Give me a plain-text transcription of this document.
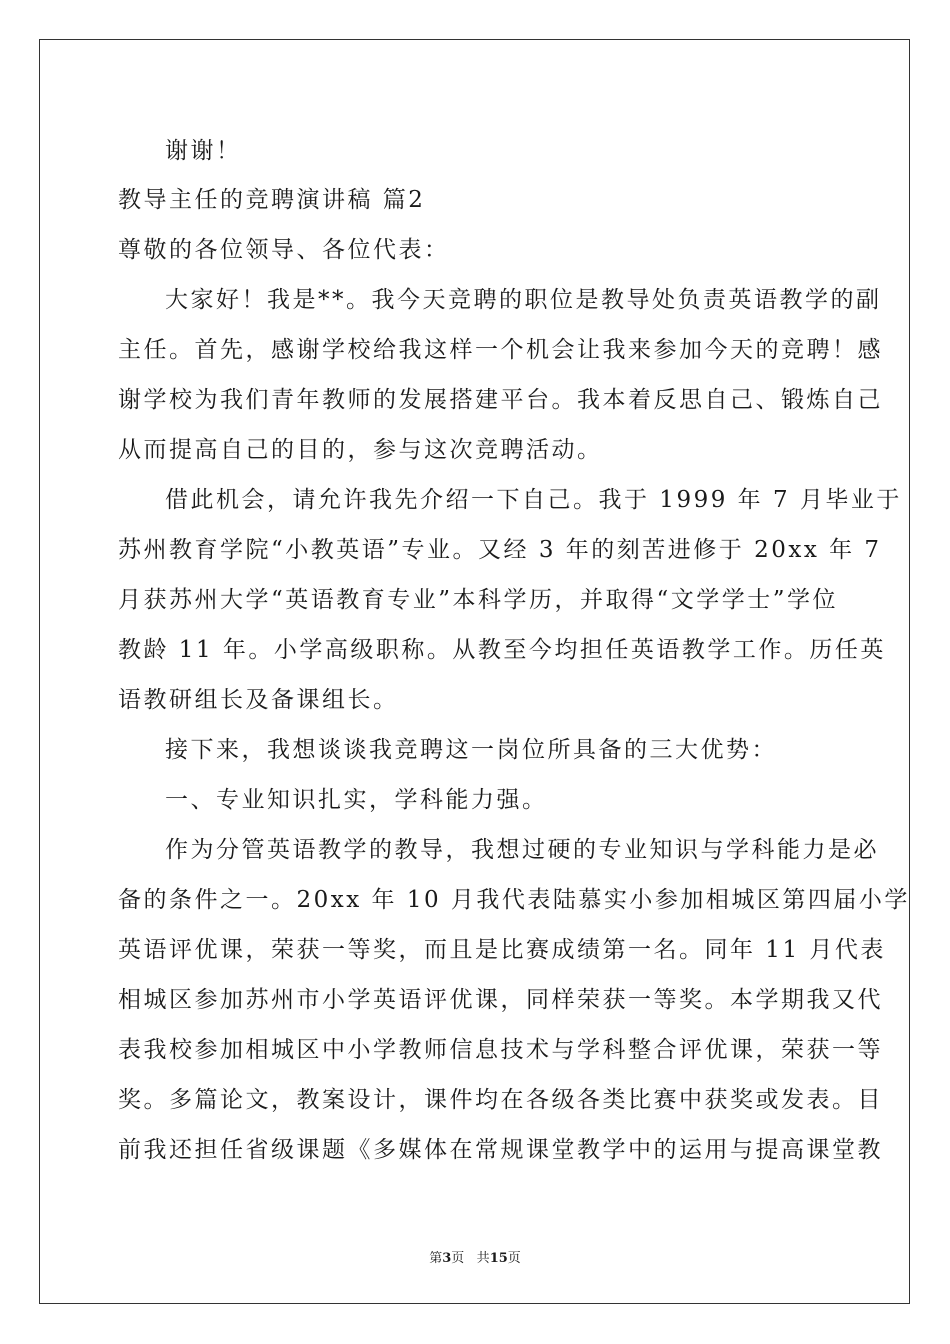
谢谢！
教导主任的竞聘演讲稿 篇2
尊敬的各位领导、各位代表：
大家好！我是**。我今天竞聘的职位是教导处负责英语教学的副
主任。首先，感谢学校给我这样一个机会让我来参加今天的竞聘！感
谢学校为我们青年教师的发展搭建平台。我本着反思自己、锻炼自己
从而提高自己的目的，参与这次竞聘活动。
借此机会，请允许我先介绍一下自己。我于 1999 年 7 月毕业于
苏州教育学院“小教英语”专业。又经 3 年的刻苦进修于 20xx 年 7
月获苏州大学“英语教育专业”本科学历，并取得“文学学士”学位
教龄 11 年。小学高级职称。从教至今均担任英语教学工作。历任英
语教研组长及备课组长。
接下来，我想谈谈我竞聘这一岗位所具备的三大优势：
一、专业知识扎实，学科能力强。
作为分管英语教学的教导，我想过硬的专业知识与学科能力是必
备的条件之一。20xx 年 10 月我代表陆慕实小参加相城区第四届小学
英语评优课，荣获一等奖，而且是比赛成绩第一名。同年 11 月代表
相城区参加苏州市小学英语评优课，同样荣获一等奖。本学期我又代
表我校参加相城区中小学教师信息技术与学科整合评优课，荣获一等
奖。多篇论文，教案设计，课件均在各级各类比赛中获奖或发表。目
前我还担任省级课题《多媒体在常规课堂教学中的运用与提高课堂教
第3页 共15页
